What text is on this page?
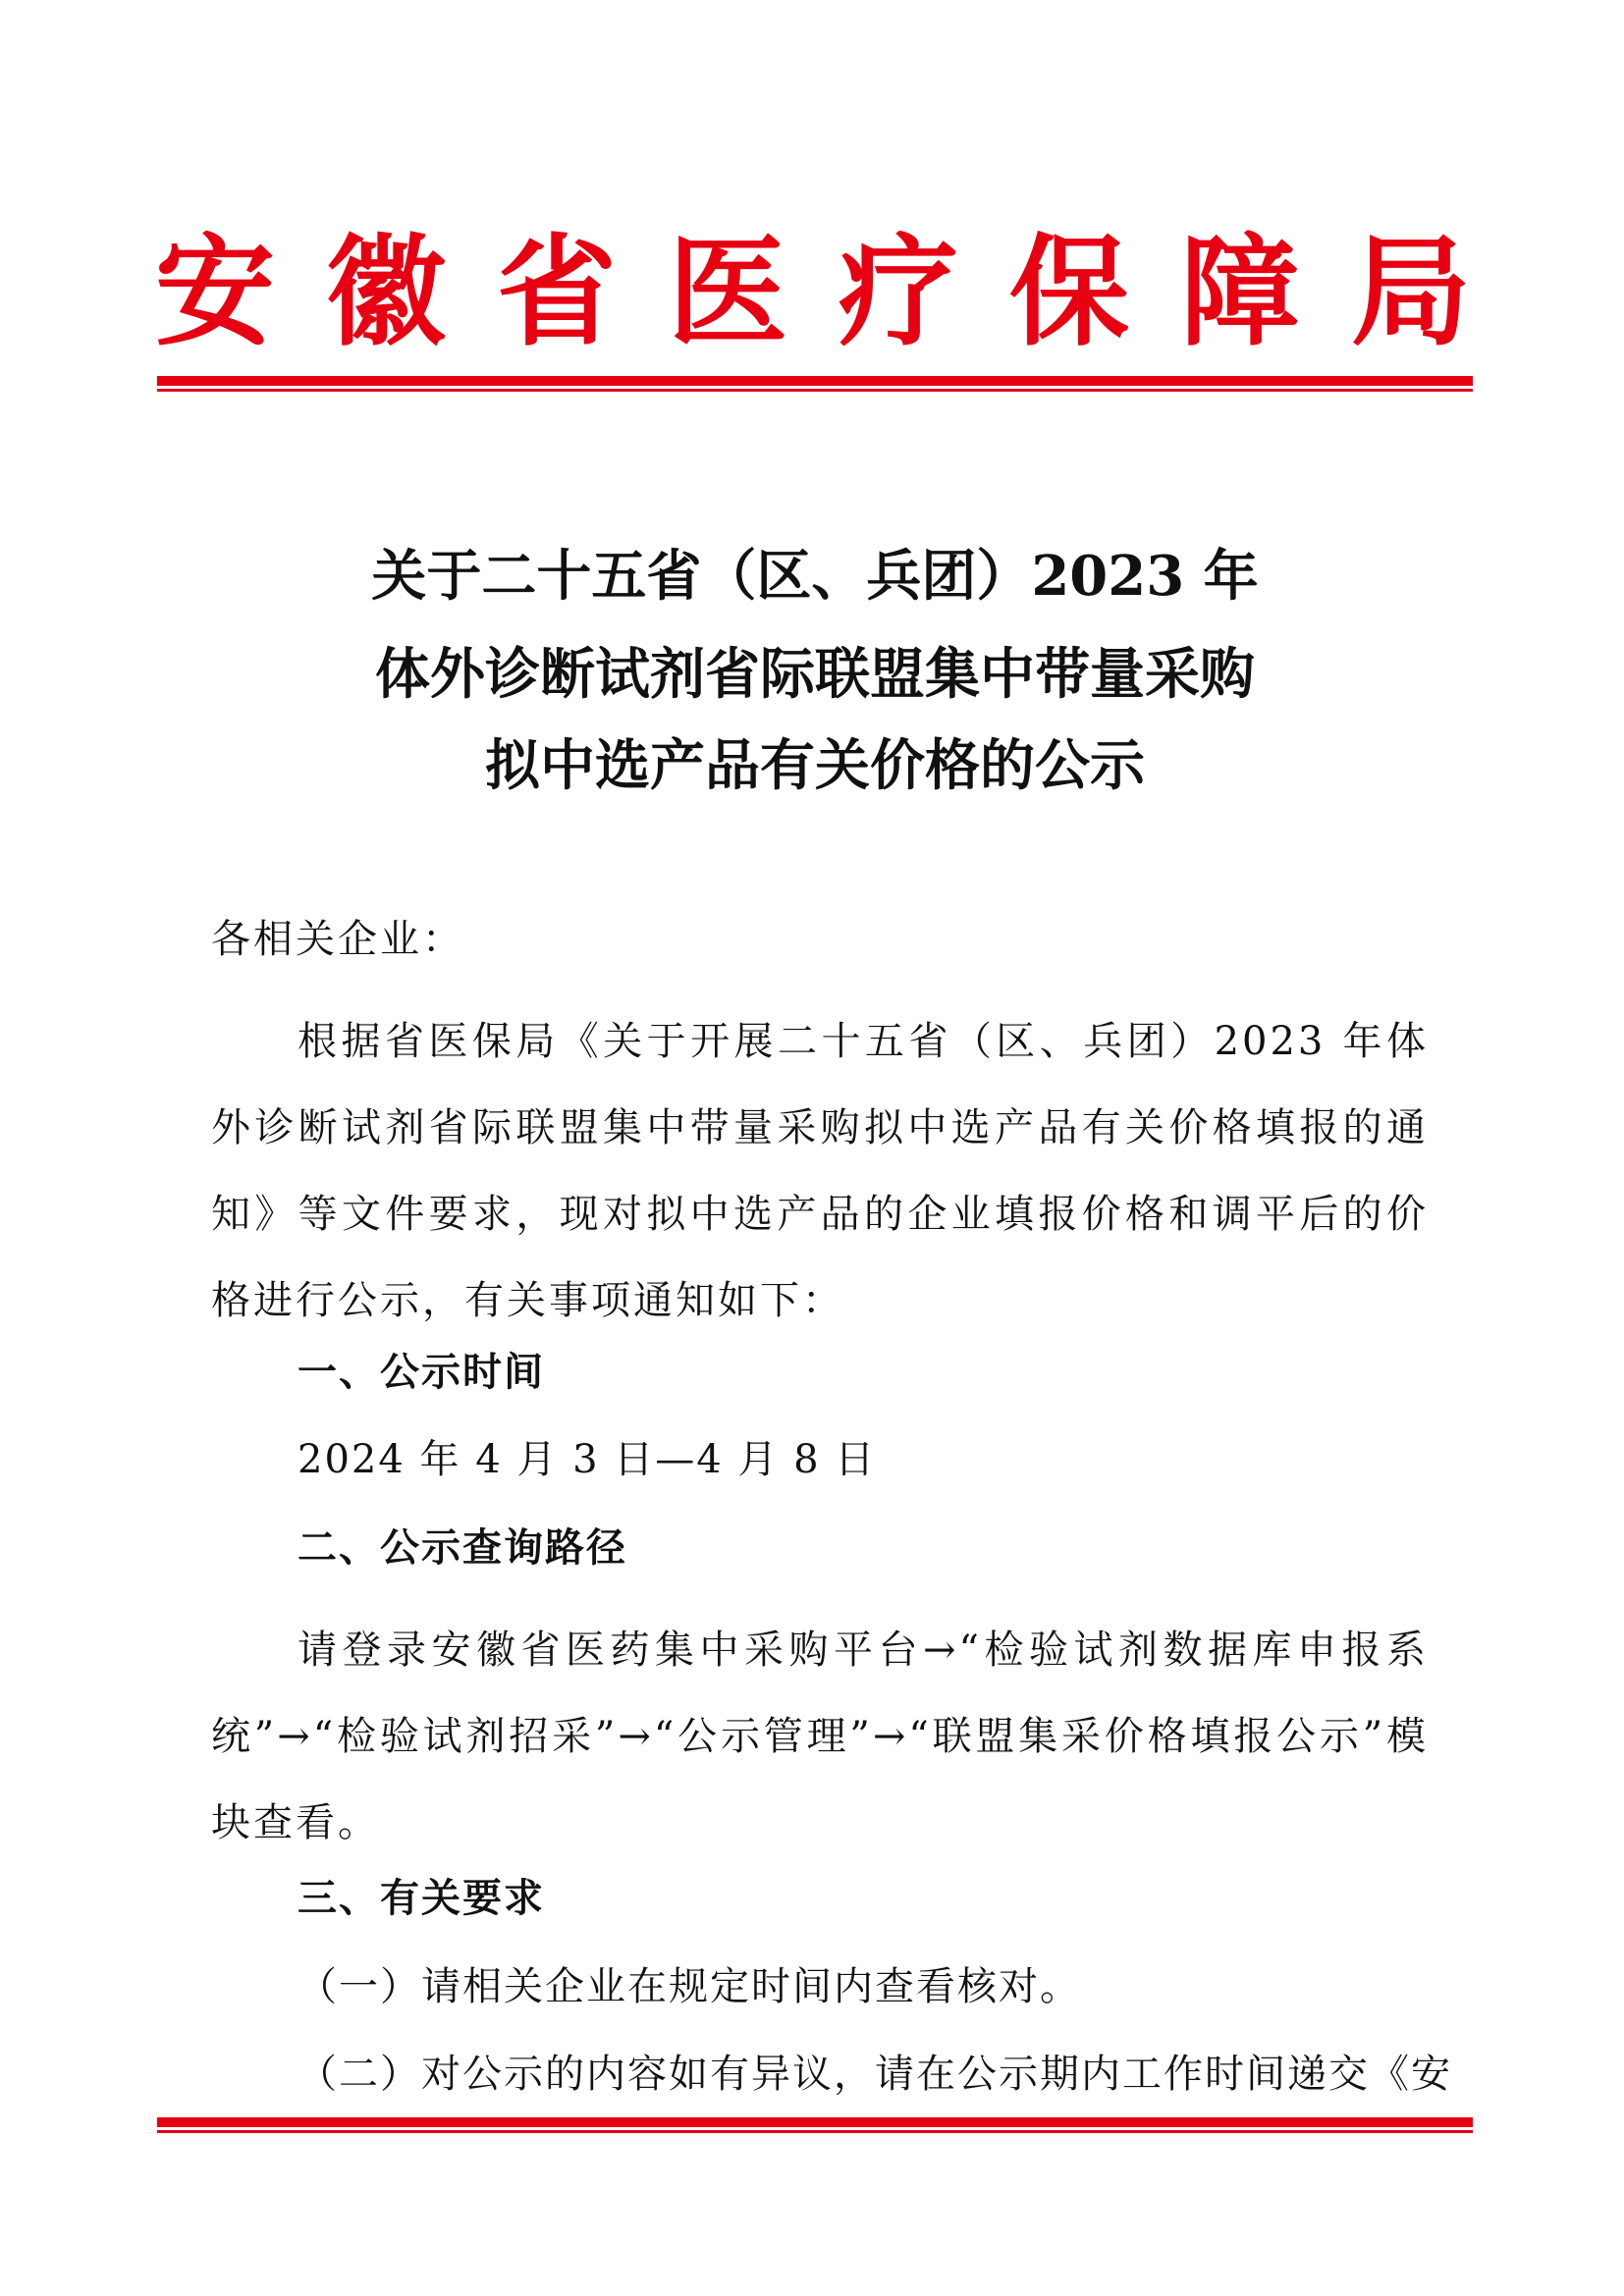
安 徽 省 医 疗 保 障 局
关于二十五省（区、兵团）2023 年
体外诊断试剂省际联盟集中带量采购
拟中选产品有关价格的公示
各相关企业：
根据省医保局《关于开展二十五省（区、兵团）2023 年体外诊断试剂省际联盟集中带量采购拟中选产品有关价格填报的通知》等文件要求，现对拟中选产品的企业填报价格和调平后的价格进行公示，有关事项通知如下：
一、公示时间
2024 年 4 月 3 日—4 月 8 日
二、公示查询路径
请登录安徽省医药集中采购平台→“检验试剂数据库申报系统”→“检验试剂招采”→“公示管理”→“联盟集采价格填报公示”模块查看。
三、有关要求
（一）请相关企业在规定时间内查看核对。
（二）对公示的内容如有异议，请在公示期内工作时间递交《安
